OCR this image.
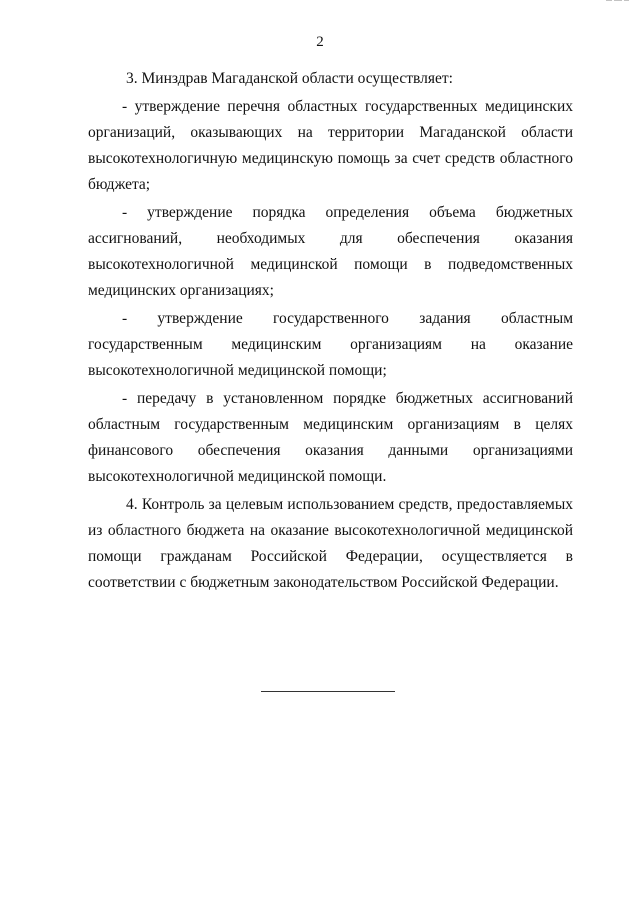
2

3. Минздрав Магаданской области осуществляет:

- утверждение перечня областных государственных медицинских организаций, оказывающих на территории Магаданской области высокотехнологичную медицинскую помощь за счет средств областного бюджета;

- утверждение порядка определения объема бюджетных ассигнований, необходимых для обеспечения оказания высокотехнологичной медицинской помощи в подведомственных медицинских организациях;

- утверждение государственного задания областным государственным медицинским организациям на оказание высокотехнологичной медицинской помощи;

- передачу в установленном порядке бюджетных ассигнований областным государственным медицинским организациям в целях финансового обеспечения оказания данными организациями высокотехнологичной медицинской помощи.

4. Контроль за целевым использованием средств, предоставляемых из областного бюджета на оказание высокотехнологичной медицинской помощи гражданам Российской Федерации, осуществляется в соответствии с бюджетным законодательством Российской Федерации.
